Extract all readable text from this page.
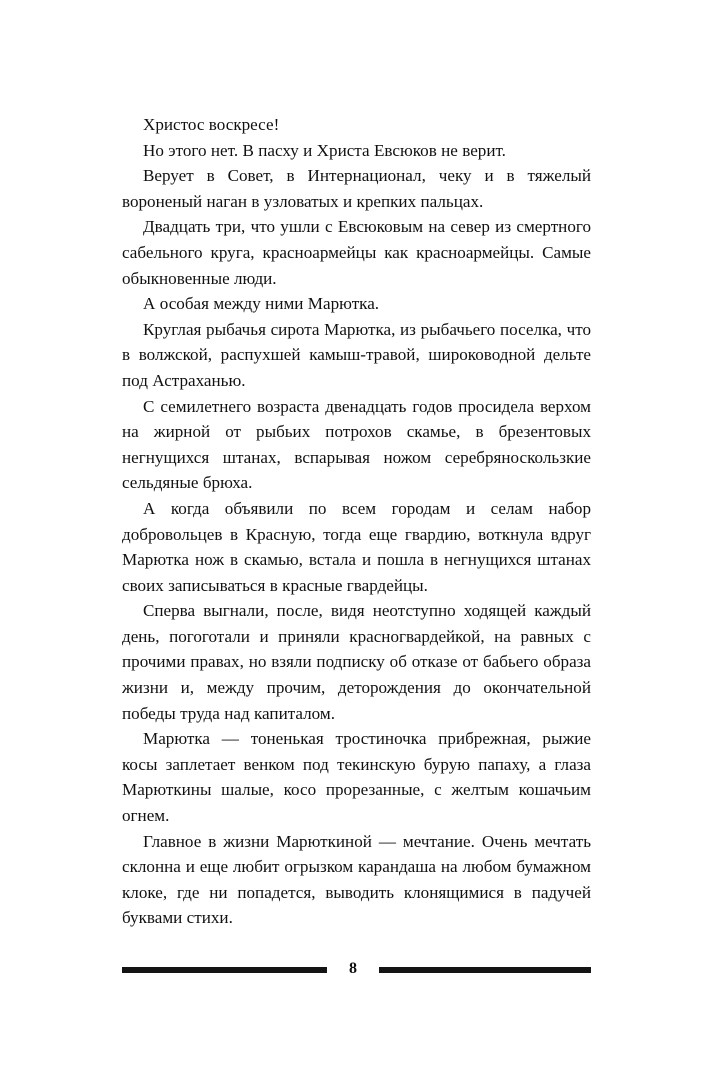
Христос воскресе!

Но этого нет. В пасху и Христа Евсюков не верит.

Верует в Совет, в Интернационал, чеку и в тяжелый вороненый наган в узловатых и крепких пальцах.

Двадцать три, что ушли с Евсюковым на север из смертного сабельного круга, красноармейцы как красноармейцы. Самые обыкновенные люди.

А особая между ними Марютка.

Круглая рыбачья сирота Марютка, из рыбачьего поселка, что в волжской, распухшей камыш-травой, широководной дельте под Астраханью.

С семилетнего возраста двенадцать годов просидела верхом на жирной от рыбьих потрохов скамье, в брезентовых негнущихся штанах, вспарывая ножом серебряноскользкие сельдяные брюха.

А когда объявили по всем городам и селам набор добровольцев в Красную, тогда еще гвардию, воткнула вдруг Марютка нож в скамью, встала и пошла в негнущихся штанах своих записываться в красные гвардейцы.

Сперва выгнали, после, видя неотступно ходящей каждый день, погоготали и приняли красногвардейкой, на равных с прочими правах, но взяли подписку об отказе от бабьего образа жизни и, между прочим, деторождения до окончательной победы труда над капиталом.

Марютка — тоненькая тростиночка прибрежная, рыжие косы заплетает венком под текинскую бурую папаху, а глаза Марюткины шалые, косо прорезанные, с желтым кошачьим огнем.

Главное в жизни Марюткиной — мечтание. Очень мечтать склонна и еще любит огрызком карандаша на любом бумажном клоке, где ни попадется, выводить клонящимися в падучей буквами стихи.

8
